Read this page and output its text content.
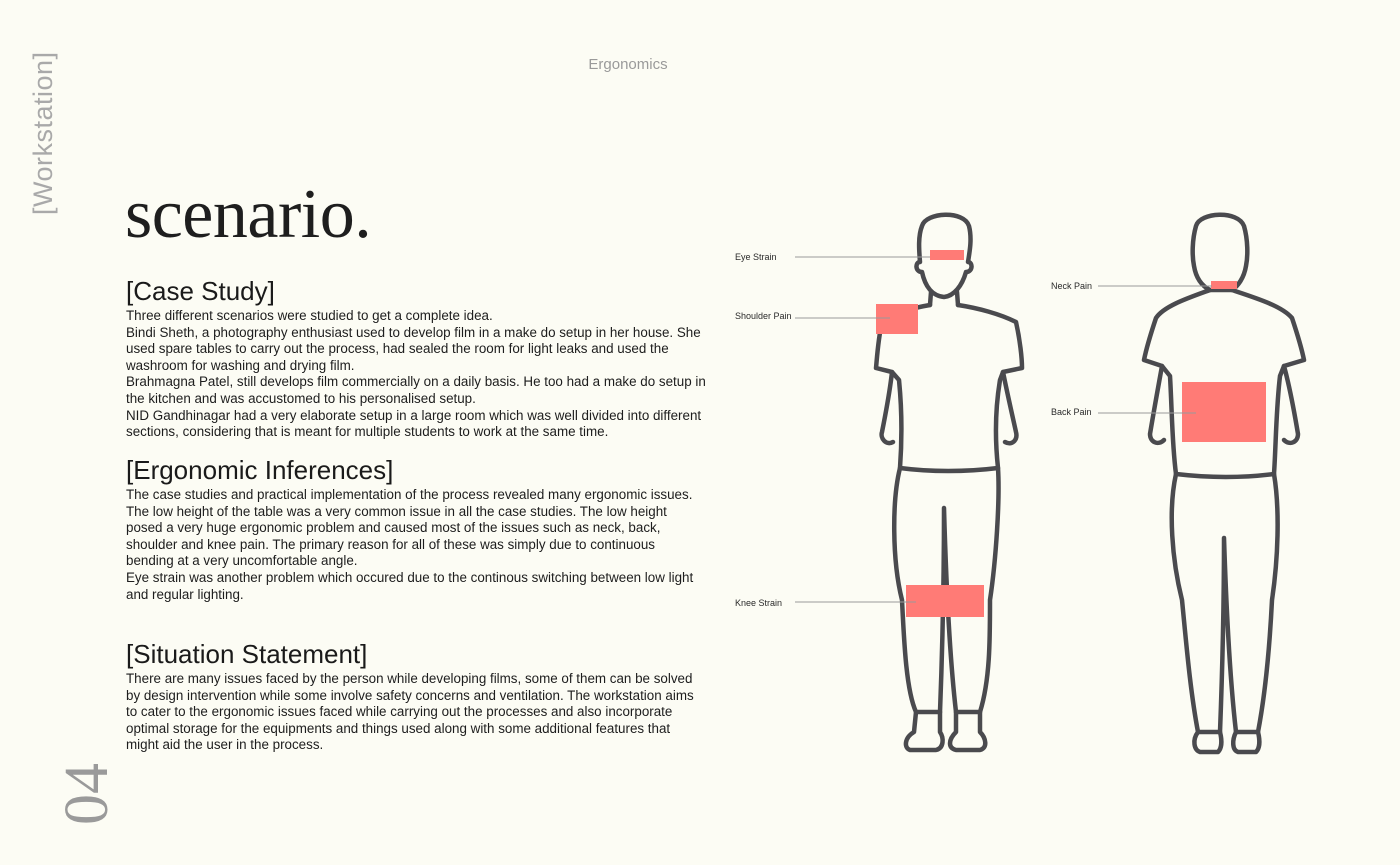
[Workstation]
04
Ergonomics
scenario.
[Case Study]

Three different scenarios were studied to get a complete idea.

Bindi Sheth, a photography enthusiast used to develop film in a make do setup in her house. She used spare tables to carry out the process, had sealed the room for light leaks and used the washroom for washing and drying film.

Brahmagna Patel, still develops film commercially on a daily basis. He too had a make do setup in the kitchen and was accustomed to his personalised setup.

NID Gandhinagar had a very elaborate setup in a large room which was well divided into different sections, considering that is meant for multiple students to work at the same time.

[Ergonomic Inferences]

The case studies and practical implementation of the process revealed many ergonomic issues.

The low height of the table was a very common issue in all the case studies. The low height posed a very huge ergonomic problem and caused most of the issues such as neck, back, shoulder and knee pain. The primary reason for all of these was simply due to continuous bending at a very uncomfortable angle.

Eye strain was another problem which occured due to the continous switching between low light and regular lighting.

[Situation Statement]

There are many issues faced by the person while developing films, some of them can be solved by design intervention while some involve safety concerns and ventilation. The workstation aims to cater to the ergonomic issues faced while carrying out the processes and also incorporate optimal storage for the equipments and things used along with some additional features that might aid the user in the process.

Eye Strain
Shoulder Pain
Knee Strain
Neck Pain
Back Pain
